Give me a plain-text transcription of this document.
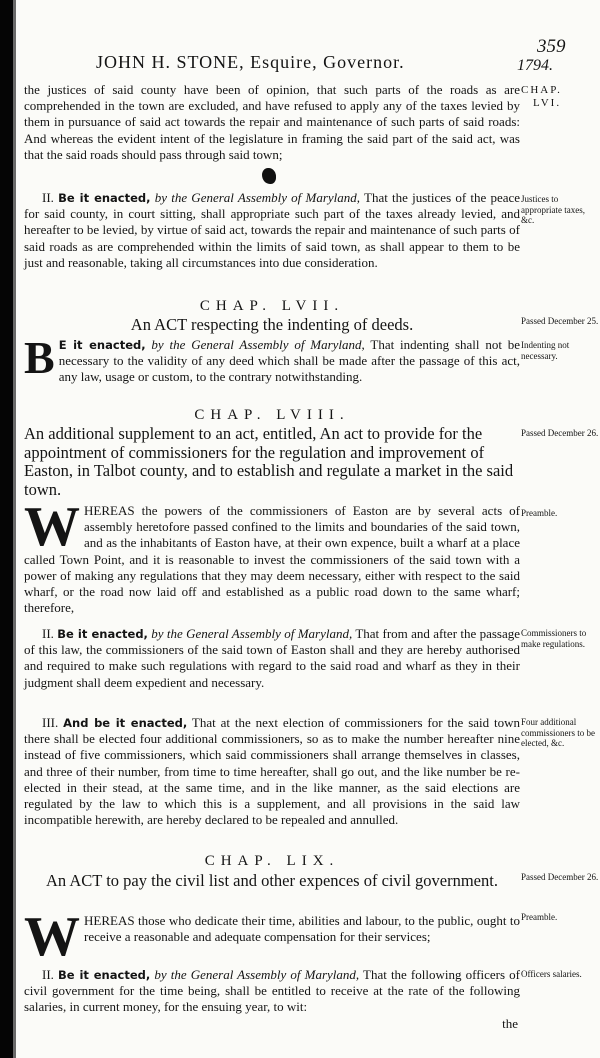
359
JOHN H. STONE, Esquire, Governor.	1794.

the justices of said county have been of opinion, that such parts of the roads as are comprehended in the town are excluded, and have refused to apply any of the taxes levied by them in pursuance of said act towards the repair and maintenance of such parts of said roads: And whereas the evident intent of the legislature in framing the said part of the said act, was that the said roads should pass through said town;

CHAP.
LVI.

II. Be it enacted, by the General Assembly of Maryland, That the justices of the peace for said county, in court sitting, shall appropriate such part of the taxes already levied, and hereafter to be levied, by virtue of said act, towards the repair and maintenance of such parts of said roads as are comprehended within the limits of said town, as shall appear to them to be just and reasonable, taking all circumstances into due consideration.

Justices to appropriate taxes, &c.
CHAP. LVII.
An ACT respecting the indenting of deeds.

B E it enacted, by the General Assembly of Maryland, That indenting shall not be necessary to the validity of any deed which shall be made after the passage of this act, any law, usage or custom, to the contrary notwithstanding.

Passed December 25.
Indenting not necessary.
CHAP. LVIII.
An additional supplement to an act, entitled, An act to provide for the appointment of commissioners for the regulation and improvement of Easton, in Talbot county, and to establish and regulate a market in the said town.
Passed December 26.

W HEREAS the powers of the commissioners of Easton are by several acts of assembly heretofore passed confined to the limits and boundaries of the said town, and as the inhabitants of Easton have, at their own expence, built a wharf at a place called Town Point, and it is reasonable to invest the commissioners of the said town with a power of making any regulations that they may deem necessary, either with respect to the said wharf, or the road now laid off and established as a public road down to the same wharf; therefore,

Preamble.

II. Be it enacted, by the General Assembly of Maryland, That from and after the passage of this law, the commissioners of the said town of Easton shall and they are hereby authorised and required to make such regulations with regard to the said road and wharf as they in their judgment shall deem expedient and necessary.

Commissioners to make regulations.

III. And be it enacted, That at the next election of commissioners for the said town there shall be elected four additional commissioners, so as to make the number hereafter nine instead of five commissioners, which said commissioners shall arrange themselves in classes, and three of their number, from time to time hereafter, shall go out, and the like number be re-elected in their stead, at the same time, and in the like manner, as the said elections are regulated by the law to which this is a supplement, and all provisions in the said law incompatible herewith, are hereby declared to be repealed and annulled.

Four additional commissioners to be elected, &c.
CHAP. LIX.
An ACT to pay the civil list and other expences of civil government.	Passed December 26.

W HEREAS those who dedicate their time, abilities and labour, to the public, ought to receive a reasonable and adequate compensation for their services;

Preamble.

II. Be it enacted, by the General Assembly of Maryland, That the following officers of civil government for the time being, shall be entitled to receive at the rate of the following salaries, in current money, for the ensuing year, to wit:

the

Officers salaries.
